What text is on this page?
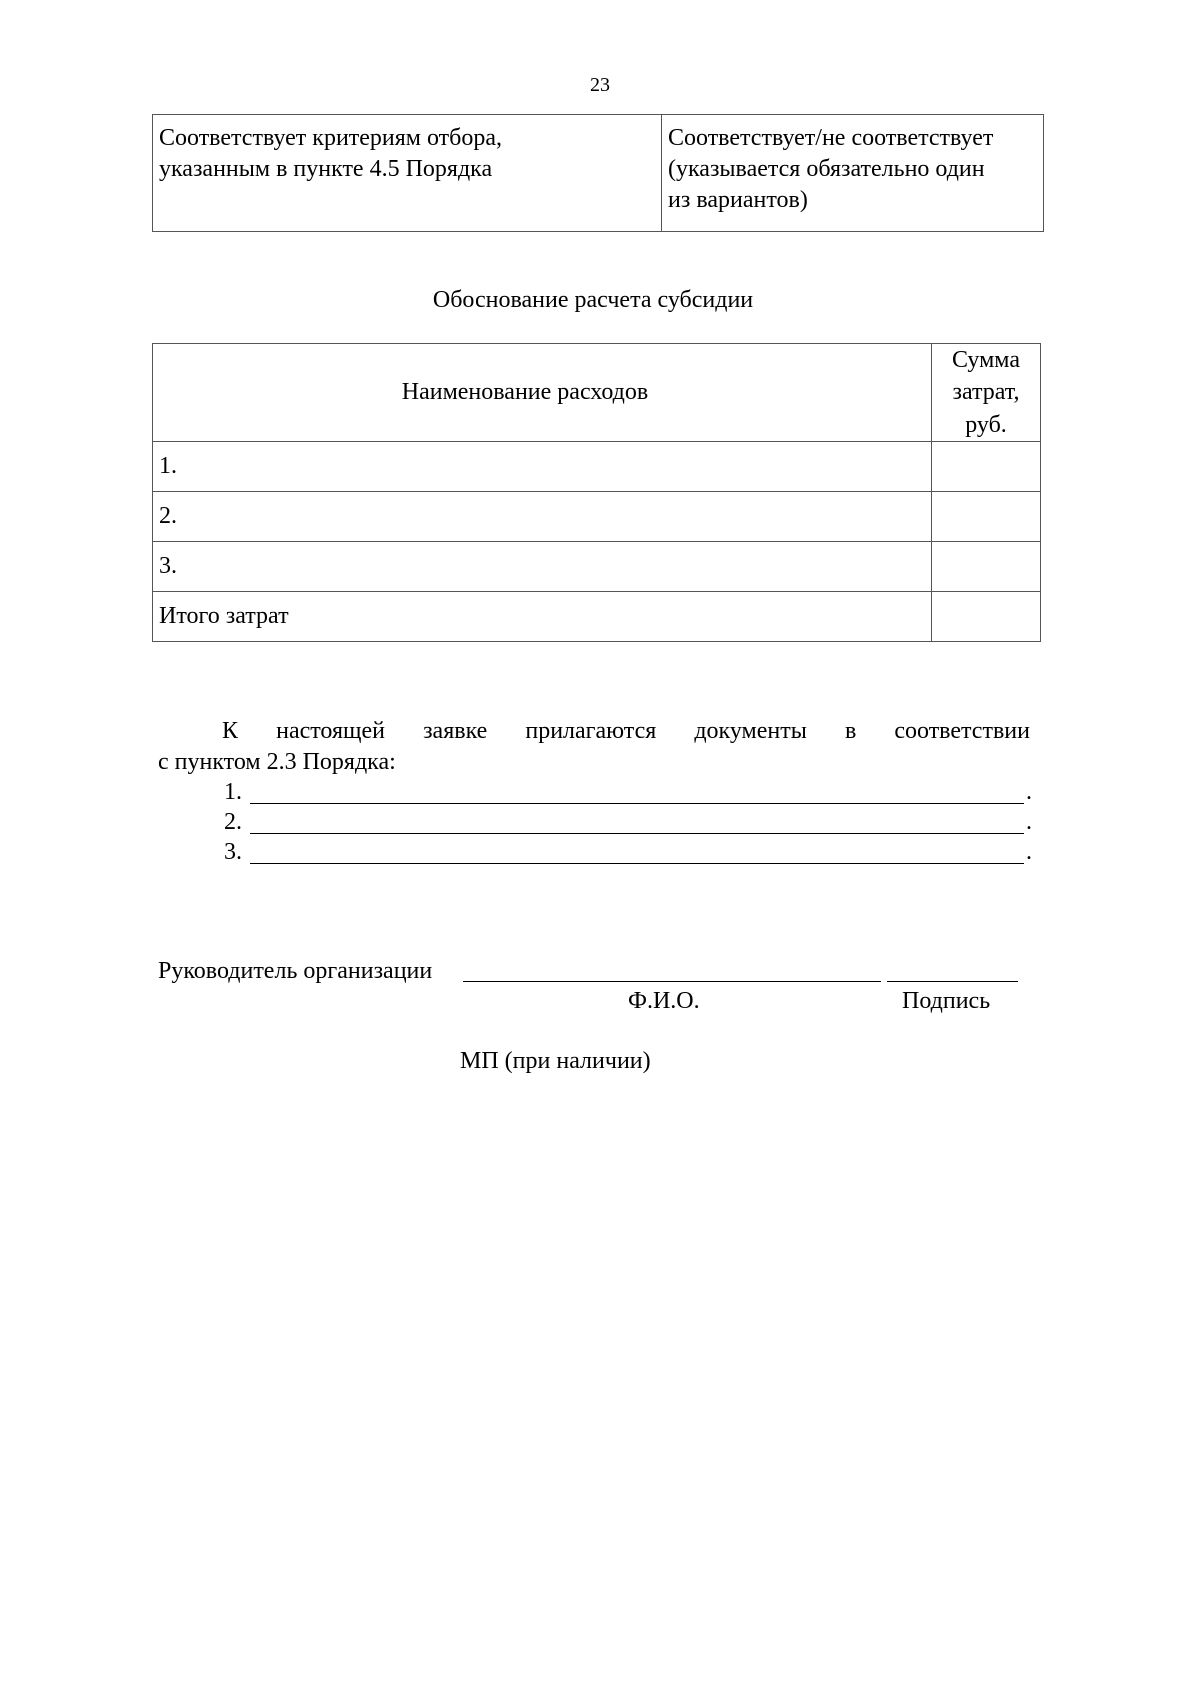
23
Соответствует критериям отбора,
указанным в пункте 4.5 Порядка

Соответствует/не соответствует
(указывается обязательно один
из вариантов)
Обоснование расчета субсидии
Наименование расходов	Сумма
затрат, руб.

1.	
2.	
3.	
Итого затрат	
К настоящей заявке прилагаются документы в соответствии
с пунктом 2.3 Порядка:
1.	.
2.	.
3.	.
Руководитель организации
Ф.И.О.	Подпись
МП (при наличии)
